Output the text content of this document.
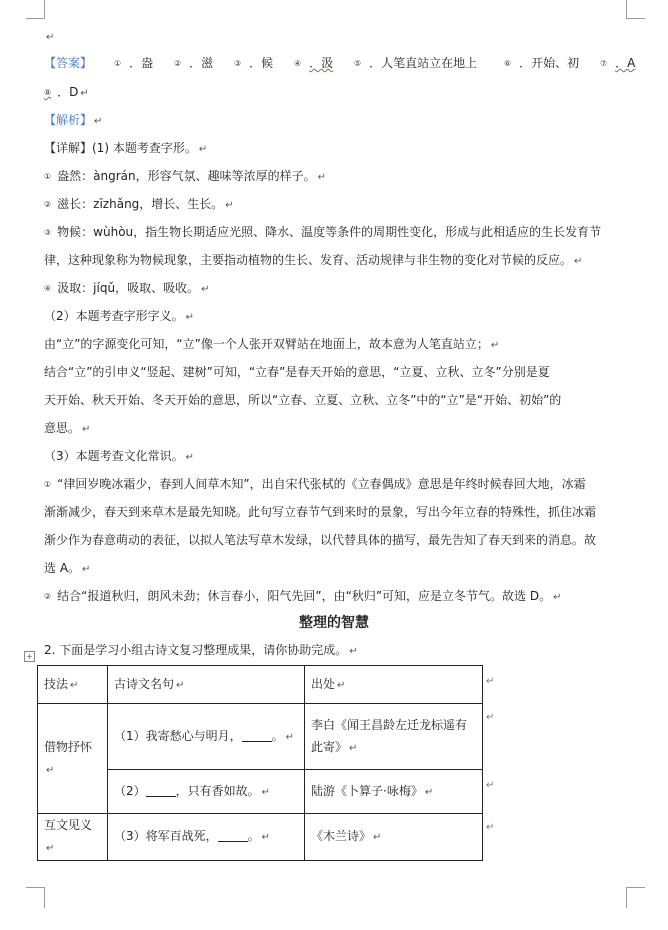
↵
【答案】	① ．盎	② ．滋	③ ．候	④ ．汲	⑤ ．人笔直站立在地上	⑥ ．开始、初	⑦ ．A
⑧ ．D ↵
【解析】 ↵
【详解】(1) 本题考查字形。 ↵
① 盎然：àngrán，形容气氛、趣味等浓厚的样子。 ↵
② 滋长：zīzhǎng，增长、生长。 ↵
③ 物候：wùhòu，指生物长期适应光照、降水、温度等条件的周期性变化，形成与此相适应的生长发育节
律，这种现象称为物候现象，主要指动植物的生长、发育、活动规律与非生物的变化对节候的反应。 ↵
④ 汲取：jíqǔ，吸取、吸收。 ↵
（2）本题考查字形字义。 ↵
由“立”的字源变化可知，“立”像一个人张开双臂站在地面上，故本意为人笔直站立； ↵
结合“立”的引申义“竖起、建树”可知，“立春”是春天开始的意思，“立夏、立秋、立冬”分别是夏
天开始、秋天开始、冬天开始的意思，所以“立春、立夏、立秋、立冬”中的“立”是“开始、初始”的
意思。 ↵
（3）本题考查文化常识。 ↵
① “律回岁晚冰霜少，春到人间草木知”，出自宋代张栻的《立春偶成》意思是年终时候春回大地，冰霜
渐渐减少，春天到来草木是最先知晓。此句写立春节气到来时的景象，写出今年立春的特殊性，抓住冰霜
渐少作为春意萌动的表征，以拟人笔法写草木发绿，以代替具体的描写，最先告知了春天到来的消息。故
选 A。 ↵
② 结合“报道秋归，朗风未劲；休言春小，阳气先回”，由“秋归”可知，应是立冬节气。故选 D。 ↵
整理的智慧
+ 2. 下面是学习小组古诗文复习整理成果，请你协助完成。 ↵
技法 ↵	古诗文名句 ↵	出处 ↵
借物抒怀↵	（1）我寄愁心与明月， 。 ↵	李白《闻王昌龄左迁龙标遥有此寄》 ↵
	（2） ，只有香如故。 ↵	陆游《卜算子·咏梅》 ↵
互文见义↵	（3）将军百战死， 。 ↵	《木兰诗》 ↵
↵
↵
↵
↵
